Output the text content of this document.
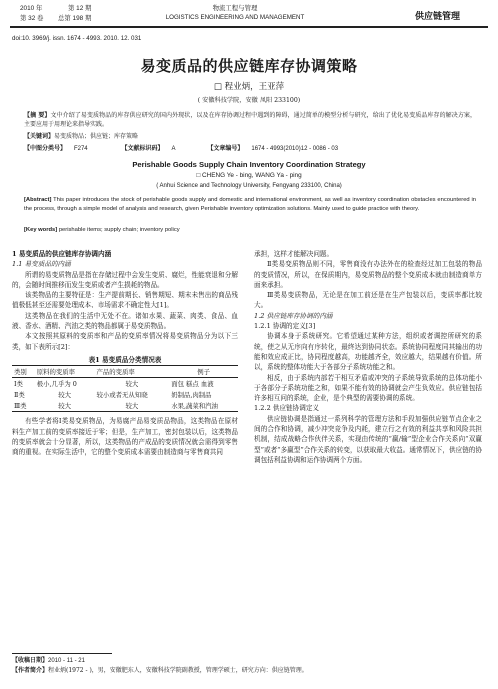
2010 年	第 12 期
第 32 卷 总第 198 期
物流工程与管理
LOGISTICS ENGINEERING AND MANAGEMENT	供应链管理
doi:10. 3969/j. issn. 1674 - 4993. 2010. 12. 031
易变质品的供应链库存协调策略
□ 程业炳，王亚萍
( 安徽科技学院，安徽 凤阳 233100)
【摘 要】文中介绍了易变质物品的库存供应研究的国内外现状，以及在库存协调过程中遇到的障碍，通过简单的模型分析与研究，给出了优化易变质品库存的解决方案，主要应用于用理论来指导实践。
【关键词】易变质物品；供应链；库存策略
【中图分类号】 F274	【文献标识码】 A	【文章编号】 1674 - 4993(2010)12 - 0086 - 03
Perishable Goods Supply Chain Inventory Coordination Strategy
□ CHENG Ye - bing, WANG Ya - ping
( Anhui Science and Technology University, Fengyang 233100, China)
[Abstract] This paper introduces the stock of perishable goods supply and domestic and international environment, as well as inventory coordination obstacles encountered in the process, through a simple model of analysis and research, given Perishable inventory optimization solutions. Mainly used to guide practice with theory.
[Key words] perishable items; supply chain; inventory policy

1 易变质品的供应链库存协调内涵

1.1 易变质品的内涵

所谓的易变质物品是指在存储过程中会发生变质、腐烂，性能衰退和分解的，会随时间推移而发生变质或者产生损耗的物品。

该类物品的主要特征是：生产提前期长、销售期短、期末未售出的商品残值极低甚至还需要处理成本、市场需求不确定性大[1]。

这类物品在我们的生活中无处不在。诸如水果、蔬菜、肉类、食品、血液、香水、酒精、汽油之类的物品都属于易变质物品。

本文按照其原料的变质率和产品的变质率情况将易变质物品分为以下三类，如下表所示[2]：

表1 易变质品分类情况表

类别	原料的变质率	产品的变质率	例子
Ⅰ类	极小,几乎为 0	较大	面包 糕点 血液
Ⅱ类	较大	较小或者无从知晓	奶制品,肉制品
Ⅲ类	较大	较大	水果,蔬菜和汽油

有些学者将Ⅰ类易变质物品，为易腐产品易变质品物品，这类物品在原材料生产加工前的变质率接近于零；但是，生产加工，密封包装以后，这类物品的变质率就会十分显著，所以，这类物品的产成品的变质情况就会需得到零售商的重视。在实际生活中，它的整个变质成本需要由制造商与零售商共同

【收稿日期】2010 - 11 - 21
【作者简介】程业炳(1972 - )，男，安徽肥东人，安徽科技学院副教授，管理学硕士，研究方向：供应链管理。

承担，这样才能解决问题。

Ⅱ类易变质物品则不同，零售商没有办法外在的检查经过加工包装的物品的变质情况，所以，在保质期内，易变质物品的整个变质成本就由制造商单方面来承担。

Ⅲ类易变质物品，无论是在加工前还是在生产包装以后，变质率都比较大。

1.2 供应链库存协调的内涵

1.2.1 协调的定义[3]

协调本身于系统研究。它希望通过某种方法，组织或者调控所研究的系统，使之从无序向有序转化，最终达到协同状态。系统协同程度同其输出的功能和效应成正比，协同程度越高，功能越齐全，效应越大，结果越有价值。所以，系统的整体功能大于各部分子系统功能之和。

相反，由于系统内部若干相互矛盾或冲突的子系统导致系统的总体功能小于各部分子系统功能之和，如果不能有效的协调就会产生负效应。供应链包括许多相互问的系统，企业，是个典型的需要协调的系统。

1.2.2 供应链协调定义

供应链协调是指通过一系列科学的管理方法和手段加强供应链节点企业之间的合作和协调，减少冲突竞争及内耗，建立行之有效的利益共享和风险共担机制，结成战略合作伙伴关系，实现由传统的“赢/输”型企业合作关系向“双赢型”或者“多赢型”合作关系的转变，以获取最大收益。通常情况下，供应链的协调包括利益协调和运作协调两个方面。
